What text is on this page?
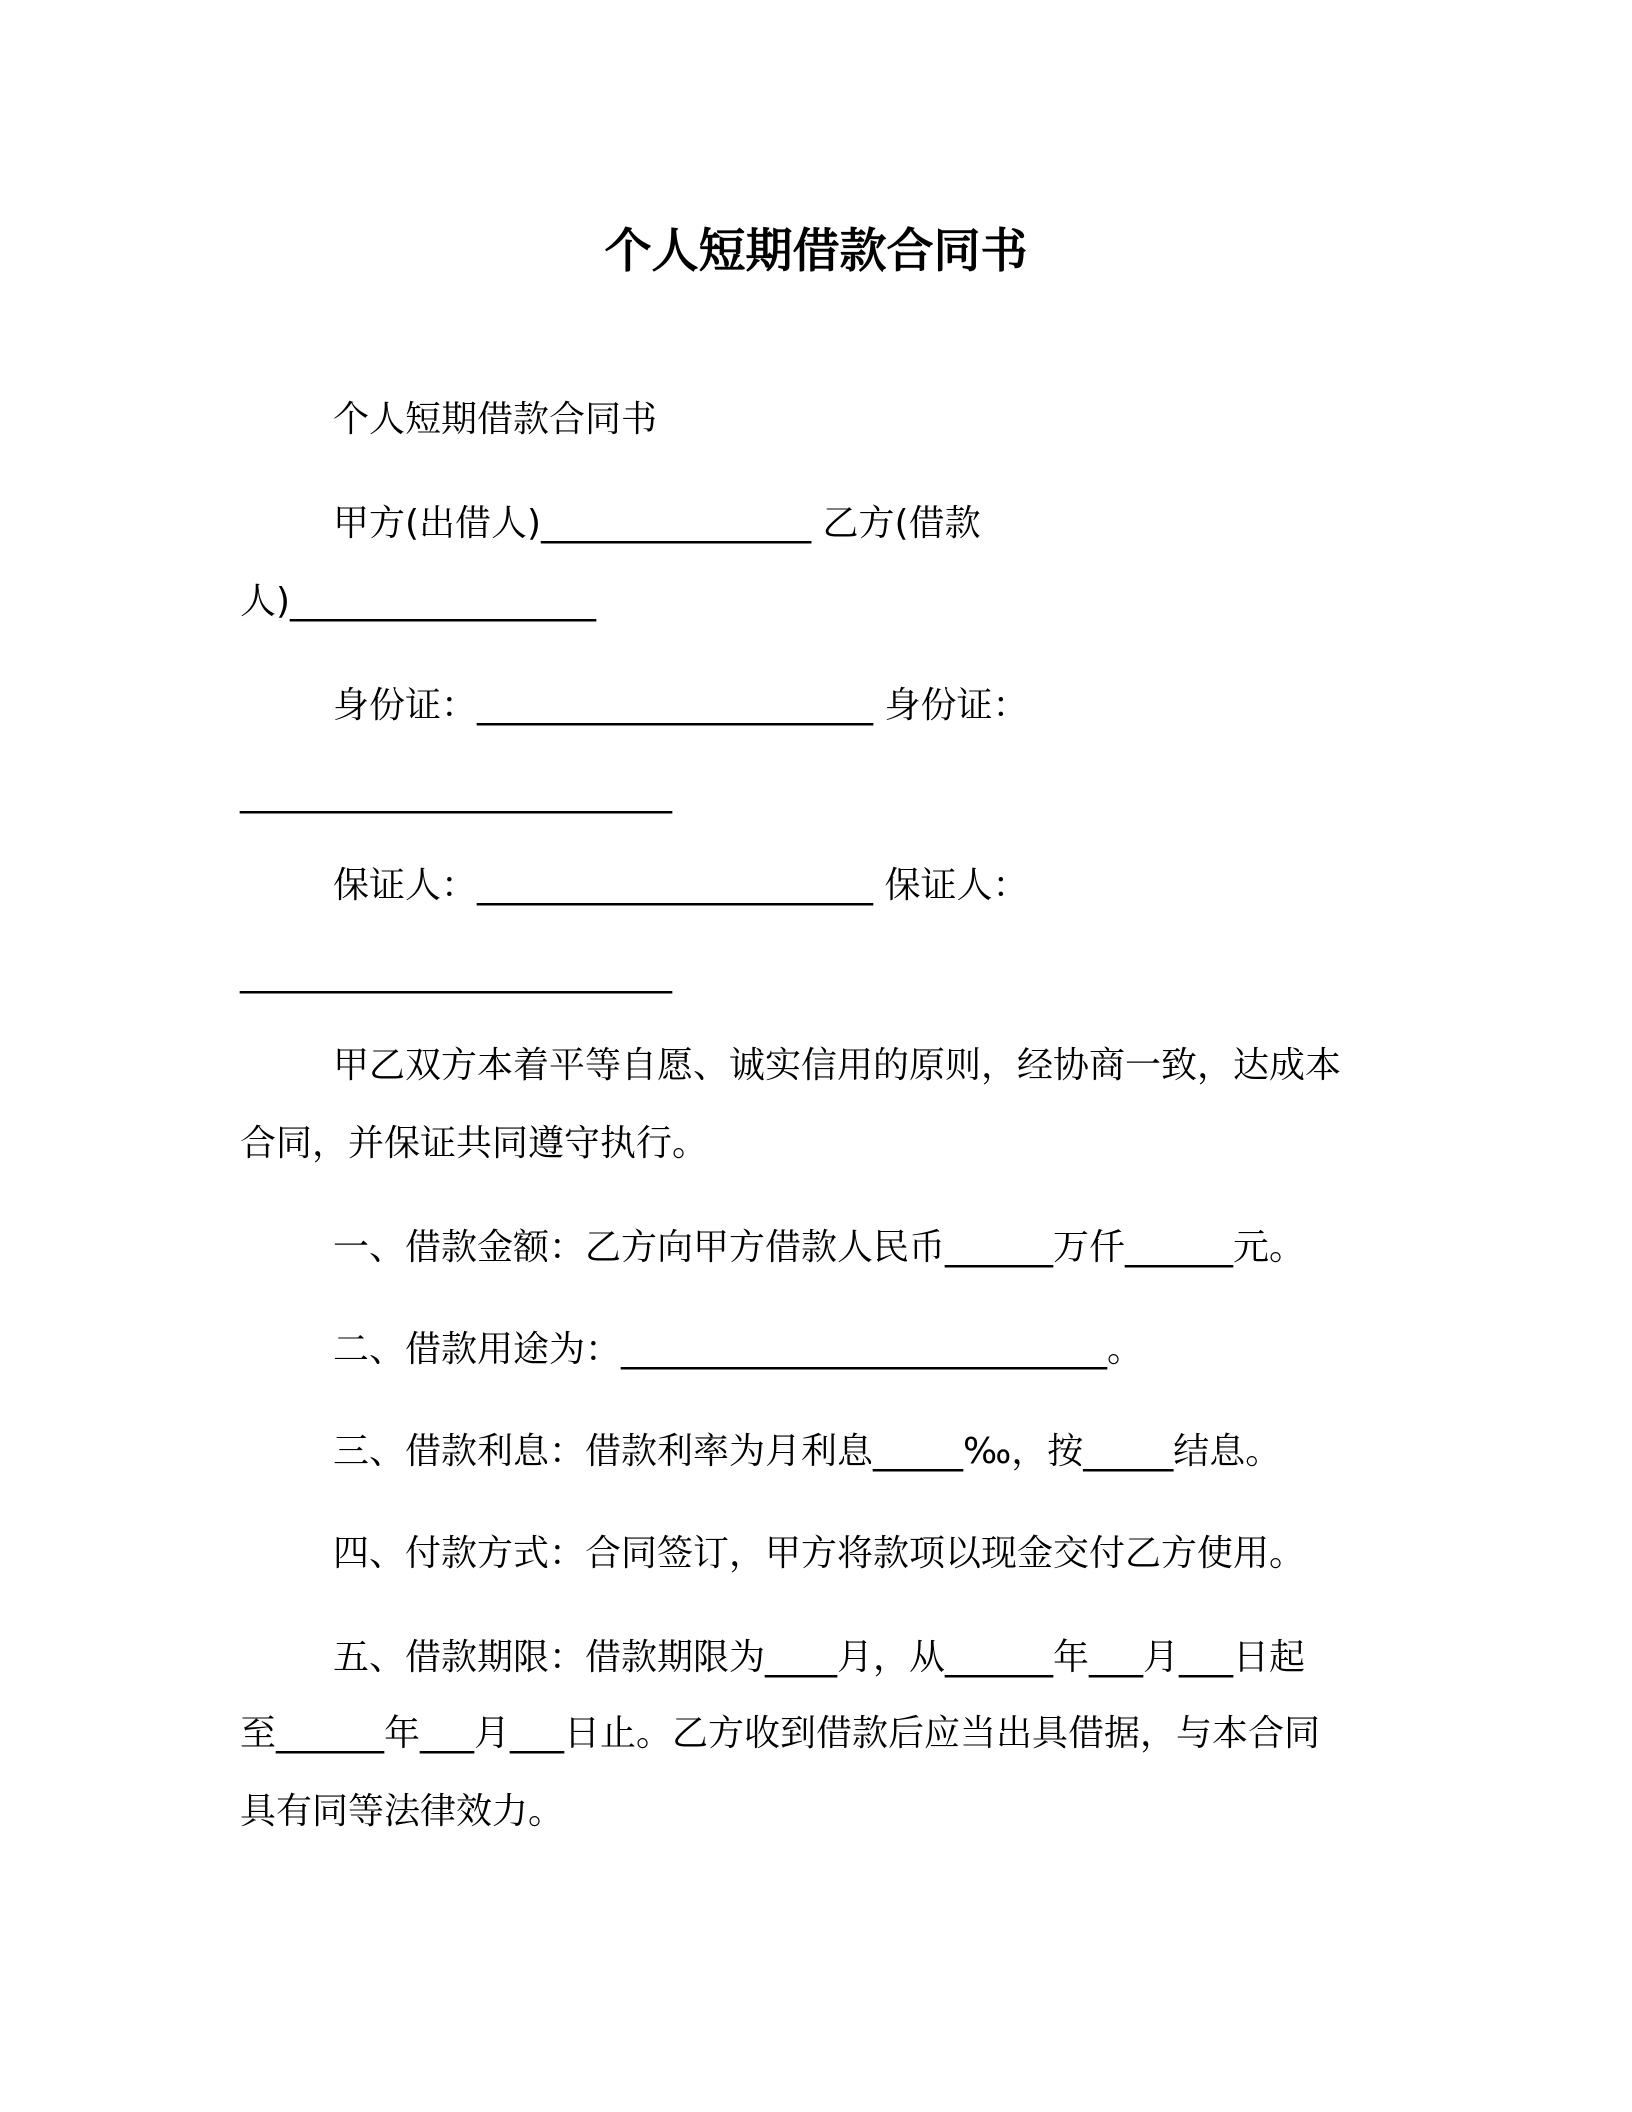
个人短期借款合同书
个人短期借款合同书
甲方(出借人)_______________ 乙方(借款
人)_________________
身份证：______________________ 身份证：
________________________
保证人：______________________ 保证人：
________________________
甲乙双方本着平等自愿、诚实信用的原则，经协商一致，达成本
合同，并保证共同遵守执行。
一、借款金额：乙方向甲方借款人民币______万仟______元。
二、借款用途为：___________________________。
三、借款利息：借款利率为月利息_____‰，按_____结息。
四、付款方式：合同签订，甲方将款项以现金交付乙方使用。
五、借款期限：借款期限为____月，从______年___月___日起
至______年___月___日止。乙方收到借款后应当出具借据，与本合同
具有同等法律效力。
